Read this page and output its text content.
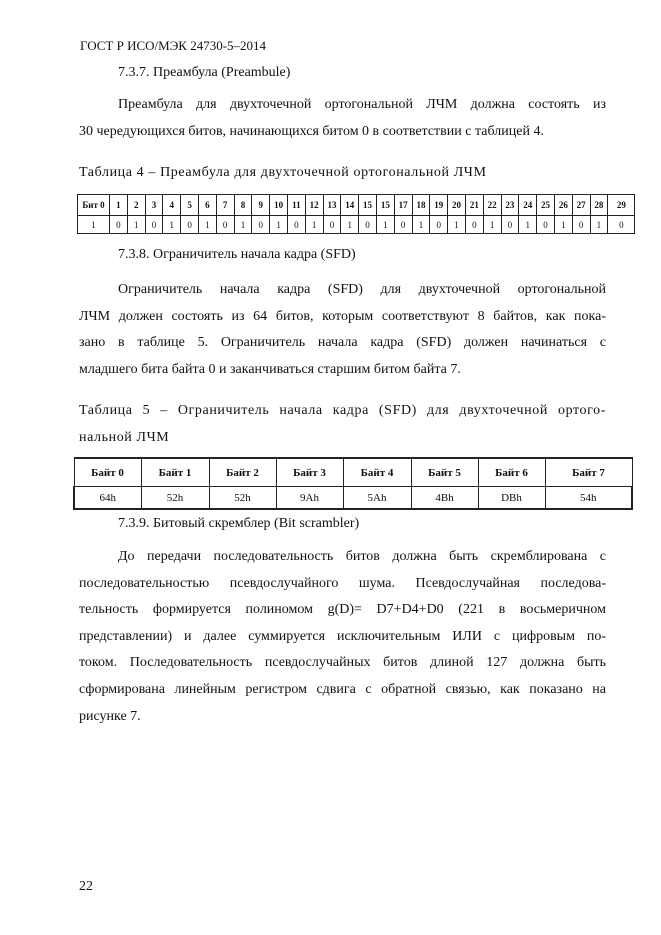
ГОСТ Р ИСО/МЭК 24730-5–2014
7.3.7. Преамбула (Preambule)
Преамбула для двухточечной ортогональной ЛЧМ должна состоять из
30 чередующихся битов, начинающихся битом 0 в соответствии с таблицей 4.
Таблица 4 – Преамбула для двухточечной ортогональной ЛЧМ
Бит 0	1	2	3	4	5	6	7	8	9	10	11	12	13	14	15	15	17	18	19	20	21	22	23	24	25	26	27	28	29
1	0	1	0	1	0	1	0	1	0	1	0	1	0	1	0	1	0	1	0	1	0	1	0	1	0	1	0	1	0
7.3.8. Ограничитель начала кадра (SFD)
Ограничитель начала кадра (SFD) для двухточечной ортогональной
ЛЧМ должен состоять из 64 битов, которым соответствуют 8 байтов, как пока-
зано в таблице 5. Ограничитель начала кадра (SFD) должен начинаться с
младшего бита байта 0 и заканчиваться старшим битом байта 7.
Таблица 5 – Ограничитель начала кадра (SFD) для двухточечной ортого-
нальной ЛЧМ
Байт 0	Байт 1	Байт 2	Байт 3	Байт 4	Байт 5	Байт 6	Байт 7
64h	52h	52h	9Ah	5Ah	4Bh	DBh	54h
7.3.9. Битовый скремблер (Bit scrambler)
До передачи последовательность битов должна быть скремблирована с
последовательностью псевдослучайного шума. Псевдослучайная последова-
тельность формируется полиномом g(D)= D7+D4+D0 (221 в восьмеричном
представлении) и далее суммируется исключительным ИЛИ с цифровым по-
током. Последовательность псевдослучайных битов длиной 127 должна быть
сформирована линейным регистром сдвига с обратной связью, как показано на
рисунке 7.
22
